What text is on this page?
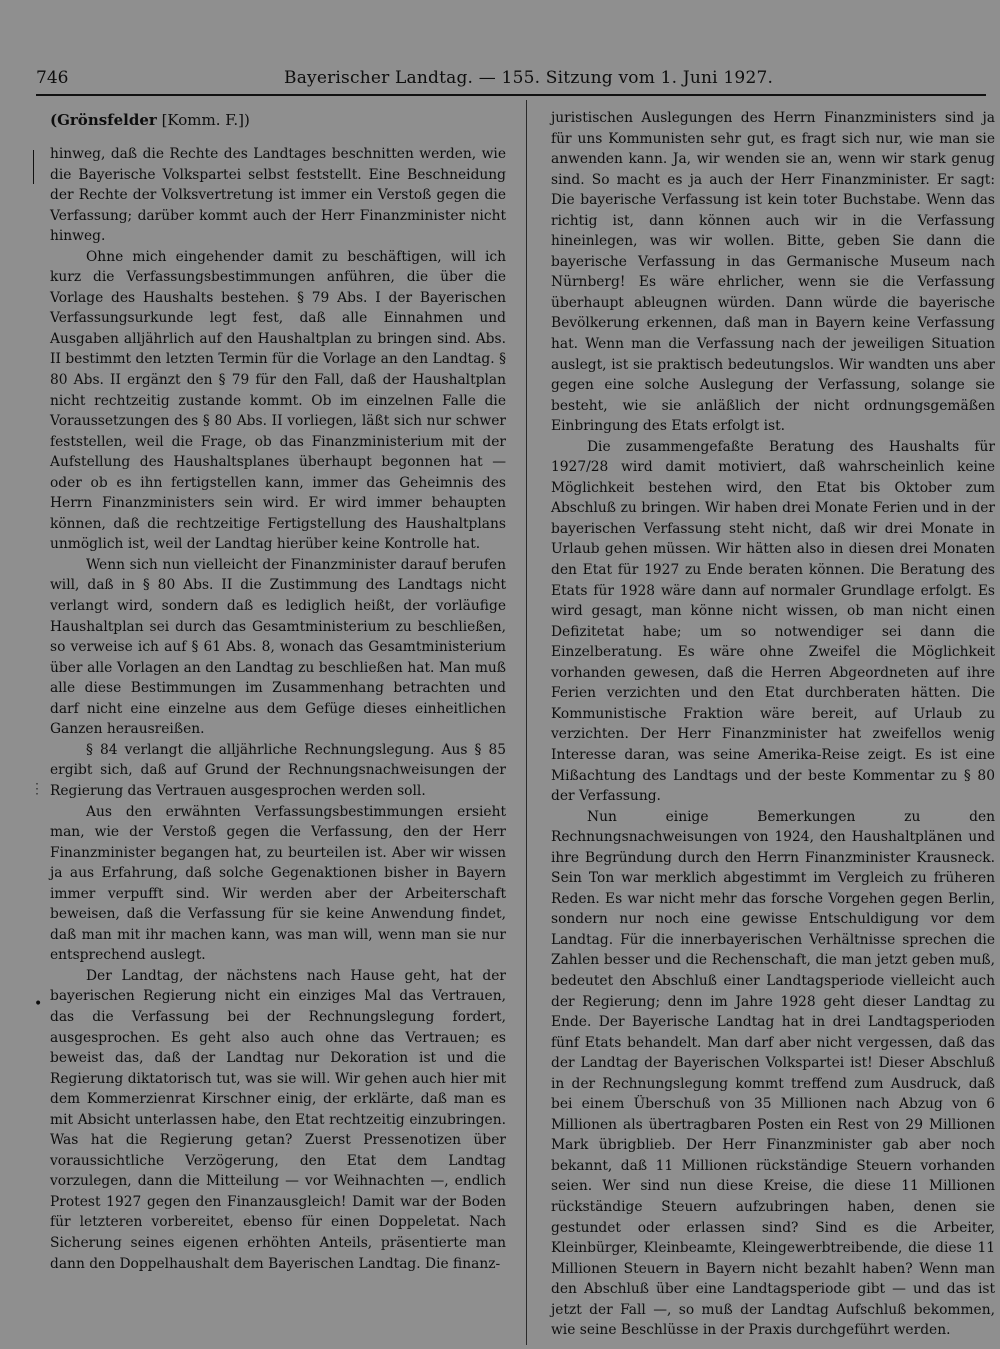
746	Bayerischer Landtag. — 155. Sitzung vom 1. Juni 1927.
⋮
•

(Grönsfelder [Komm. F.])

hinweg, daß die Rechte des Landtages beschnitten werden, wie die Bayerische Volkspartei selbst feststellt. Eine Beschneidung der Rechte der Volksvertretung ist immer ein Verstoß gegen die Verfassung; darüber kommt auch der Herr Finanzminister nicht hinweg.

Ohne mich eingehender damit zu beschäftigen, will ich kurz die Verfassungsbestimmungen anführen, die über die Vorlage des Haushalts bestehen. § 79 Abs. I der Bayerischen Verfassungsurkunde legt fest, daß alle Einnahmen und Ausgaben alljährlich auf den Haushaltplan zu bringen sind. Abs. II bestimmt den letzten Termin für die Vorlage an den Landtag. § 80 Abs. II ergänzt den § 79 für den Fall, daß der Haushaltplan nicht rechtzeitig zustande kommt. Ob im einzelnen Falle die Voraussetzungen des § 80 Abs. II vorliegen, läßt sich nur schwer feststellen, weil die Frage, ob das Finanzministerium mit der Aufstellung des Haushaltsplanes überhaupt begonnen hat — oder ob es ihn fertigstellen kann, immer das Geheimnis des Herrn Finanzministers sein wird. Er wird immer behaupten können, daß die rechtzeitige Fertigstellung des Haushaltplans unmöglich ist, weil der Landtag hierüber keine Kontrolle hat.

Wenn sich nun vielleicht der Finanzminister darauf berufen will, daß in § 80 Abs. II die Zustimmung des Landtags nicht verlangt wird, sondern daß es lediglich heißt, der vorläufige Haushaltplan sei durch das Gesamtministerium zu beschließen, so verweise ich auf § 61 Abs. 8, wonach das Gesamtministerium über alle Vorlagen an den Landtag zu beschließen hat. Man muß alle diese Bestimmungen im Zusammenhang betrachten und darf nicht eine einzelne aus dem Gefüge dieses einheitlichen Ganzen herausreißen.

§ 84 verlangt die alljährliche Rechnungslegung. Aus § 85 ergibt sich, daß auf Grund der Rechnungsnachweisungen der Regierung das Vertrauen ausgesprochen werden soll.

Aus den erwähnten Verfassungsbestimmungen ersieht man, wie der Verstoß gegen die Verfassung, den der Herr Finanzminister begangen hat, zu beurteilen ist. Aber wir wissen ja aus Erfahrung, daß solche Gegenaktionen bisher in Bayern immer verpufft sind. Wir werden aber der Arbeiterschaft beweisen, daß die Verfassung für sie keine Anwendung findet, daß man mit ihr machen kann, was man will, wenn man sie nur entsprechend auslegt.

Der Landtag, der nächstens nach Hause geht, hat der bayerischen Regierung nicht ein einziges Mal das Vertrauen, das die Verfassung bei der Rechnungslegung fordert, ausgesprochen. Es geht also auch ohne das Vertrauen; es beweist das, daß der Landtag nur Dekoration ist und die Regierung diktatorisch tut, was sie will. Wir gehen auch hier mit dem Kommerzienrat Kirschner einig, der erklärte, daß man es mit Absicht unterlassen habe, den Etat rechtzeitig einzubringen. Was hat die Regierung getan? Zuerst Pressenotizen über voraussichtliche Verzögerung, den Etat dem Landtag vorzulegen, dann die Mitteilung — vor Weihnachten —, endlich Protest 1927 gegen den Finanzausgleich! Damit war der Boden für letzteren vorbereitet, ebenso für einen Doppeletat. Nach Sicherung seines eigenen erhöhten Anteils, präsentierte man dann den Doppelhaushalt dem Bayerischen Landtag. Die finanz-

juristischen Auslegungen des Herrn Finanzministers sind ja für uns Kommunisten sehr gut, es fragt sich nur, wie man sie anwenden kann. Ja, wir wenden sie an, wenn wir stark genug sind. So macht es ja auch der Herr Finanzminister. Er sagt: Die bayerische Verfassung ist kein toter Buchstabe. Wenn das richtig ist, dann können auch wir in die Verfassung hineinlegen, was wir wollen. Bitte, geben Sie dann die bayerische Verfassung in das Germanische Museum nach Nürnberg! Es wäre ehrlicher, wenn sie die Verfassung überhaupt ableugnen würden. Dann würde die bayerische Bevölkerung erkennen, daß man in Bayern keine Verfassung hat. Wenn man die Verfassung nach der jeweiligen Situation auslegt, ist sie praktisch bedeutungslos. Wir wandten uns aber gegen eine solche Auslegung der Verfassung, solange sie besteht, wie sie anläßlich der nicht ordnungsgemäßen Einbringung des Etats erfolgt ist.

Die zusammengefaßte Beratung des Haushalts für 1927/28 wird damit motiviert, daß wahrscheinlich keine Möglichkeit bestehen wird, den Etat bis Oktober zum Abschluß zu bringen. Wir haben drei Monate Ferien und in der bayerischen Verfassung steht nicht, daß wir drei Monate in Urlaub gehen müssen. Wir hätten also in diesen drei Monaten den Etat für 1927 zu Ende beraten können. Die Beratung des Etats für 1928 wäre dann auf normaler Grundlage erfolgt. Es wird gesagt, man könne nicht wissen, ob man nicht einen Defizitetat habe; um so notwendiger sei dann die Einzelberatung. Es wäre ohne Zweifel die Möglichkeit vorhanden gewesen, daß die Herren Abgeordneten auf ihre Ferien verzichten und den Etat durchberaten hätten. Die Kommunistische Fraktion wäre bereit, auf Urlaub zu verzichten. Der Herr Finanzminister hat zweifellos wenig Interesse daran, was seine Amerika-Reise zeigt. Es ist eine Mißachtung des Landtags und der beste Kommentar zu § 80 der Verfassung.

Nun einige Bemerkungen zu den Rechnungsnachweisungen von 1924, den Haushaltplänen und ihre Begründung durch den Herrn Finanzminister Krausneck. Sein Ton war merklich abgestimmt im Vergleich zu früheren Reden. Es war nicht mehr das forsche Vorgehen gegen Berlin, sondern nur noch eine gewisse Entschuldigung vor dem Landtag. Für die innerbayerischen Verhältnisse sprechen die Zahlen besser und die Rechenschaft, die man jetzt geben muß, bedeutet den Abschluß einer Landtagsperiode vielleicht auch der Regierung; denn im Jahre 1928 geht dieser Landtag zu Ende. Der Bayerische Landtag hat in drei Landtagsperioden fünf Etats behandelt. Man darf aber nicht vergessen, daß das der Landtag der Bayerischen Volkspartei ist! Dieser Abschluß in der Rechnungslegung kommt treffend zum Ausdruck, daß bei einem Überschuß von 35 Millionen nach Abzug von 6 Millionen als übertragbaren Posten ein Rest von 29 Millionen Mark übrigblieb. Der Herr Finanzminister gab aber noch bekannt, daß 11 Millionen rückständige Steuern vorhanden seien. Wer sind nun diese Kreise, die diese 11 Millionen rückständige Steuern aufzubringen haben, denen sie gestundet oder erlassen sind? Sind es die Arbeiter, Kleinbürger, Kleinbeamte, Kleingewerbtreibende, die diese 11 Millionen Steuern in Bayern nicht bezahlt haben? Wenn man den Abschluß über eine Landtagsperiode gibt — und das ist jetzt der Fall —, so muß der Landtag Aufschluß bekommen, wie seine Beschlüsse in der Praxis durchgeführt werden.
